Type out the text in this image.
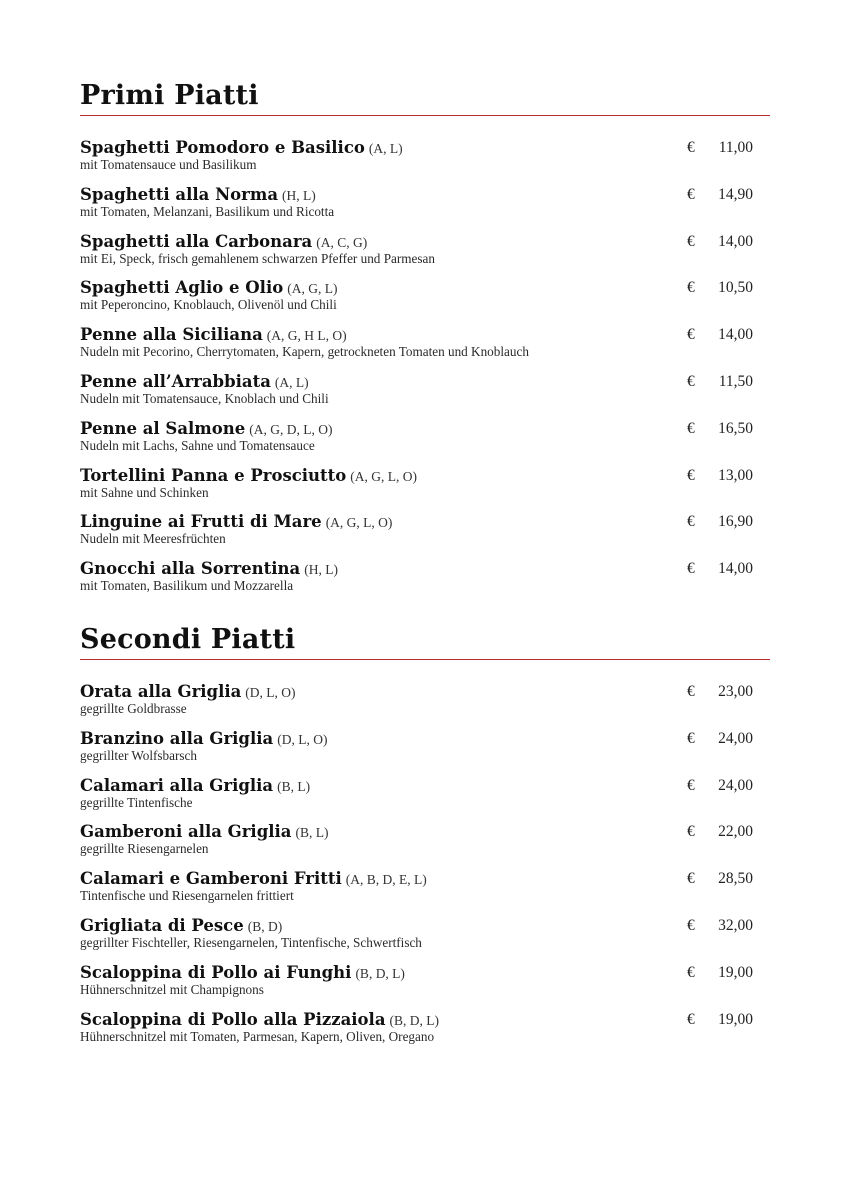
Primi Piatti
Spaghetti Pomodoro e Basilico (A, L)
mit Tomatensauce und Basilikum
€ 11,00
Spaghetti alla Norma (H, L)
mit Tomaten, Melanzani, Basilikum und Ricotta
€ 14,90
Spaghetti alla Carbonara (A, C, G)
mit Ei, Speck, frisch gemahlenem schwarzen Pfeffer und Parmesan
€ 14,00
Spaghetti Aglio e Olio (A, G, L)
mit Peperoncino, Knoblauch, Olivenöl und Chili
€ 10,50
Penne alla Siciliana (A, G, H L, O)
Nudeln mit Pecorino, Cherrytomaten, Kapern, getrockneten Tomaten und Knoblauch
€ 14,00
Penne all’Arrabbiata (A, L)
Nudeln mit Tomatensauce, Knoblach und Chili
€ 11,50
Penne al Salmone (A, G, D, L, O)
Nudeln mit Lachs, Sahne und Tomatensauce
€ 16,50
Tortellini Panna e Prosciutto (A, G, L, O)
mit Sahne und Schinken
€ 13,00
Linguine ai Frutti di Mare (A, G, L, O)
Nudeln mit Meeresfrüchten
€ 16,90
Gnocchi alla Sorrentina (H, L)
mit Tomaten, Basilikum und Mozzarella
€ 14,00
Secondi Piatti
Orata alla Griglia (D, L, O)
gegrillte Goldbrasse
€ 23,00
Branzino alla Griglia (D, L, O)
gegrillter Wolfsbarsch
€ 24,00
Calamari alla Griglia (B, L)
gegrillte Tintenfische
€ 24,00
Gamberoni alla Griglia (B, L)
gegrillte Riesengarnelen
€ 22,00
Calamari e Gamberoni Fritti (A, B, D, E, L)
Tintenfische und Riesengarnelen frittiert
€ 28,50
Grigliata di Pesce (B, D)
gegrillter Fischteller, Riesengarnelen, Tintenfische, Schwertfisch
€ 32,00
Scaloppina di Pollo ai Funghi (B, D, L)
Hühnerschnitzel mit Champignons
€ 19,00
Scaloppina di Pollo alla Pizzaiola (B, D, L)
Hühnerschnitzel mit Tomaten, Parmesan, Kapern, Oliven, Oregano
€ 19,00
